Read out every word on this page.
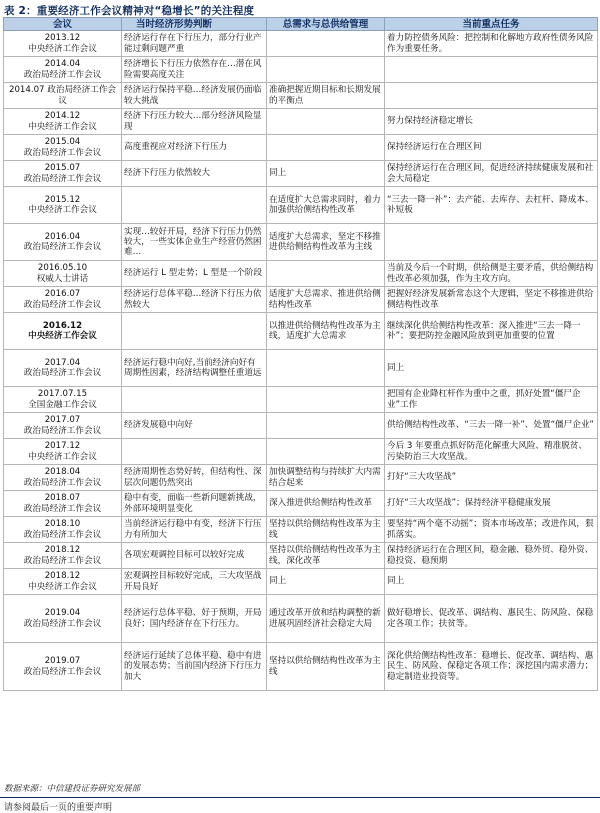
表 2：重要经济工作会议精神对“稳增长”的关注程度
会议	当时经济形势判断	总需求与总供给管理	当前重点任务
2013.12
中央经济工作会议	经济运行存在下行压力，部分行业产能过剩问题严重		着力防控债务风险：把控制和化解地方政府性债务风险作为重要任务。
2014.04
政治局经济工作会议	经济增长下行压力依然存在…潜在风险需要高度关注		
2014.07 政治局经济工作会议	经济运行保持平稳…经济发展仍面临较大挑战	准确把握近期目标和长期发展的平衡点	
2014.12
中央经济工作会议	经济下行压力较大…部分经济风险显现		努力保持经济稳定增长
2015.04
政治局经济工作会议	高度重视应对经济下行压力		保持经济运行在合理区间
2015.07
政治局经济工作会议	经济下行压力依然较大	同上	保持经济运行在合理区间，促进经济持续健康发展和社会大局稳定
2015.12
中央经济工作会议		在适度扩大总需求同时，着力加强供给侧结构性改革	“三去一降一补”：去产能、去库存、去杠杆、降成本、补短板
2016.04
政治局经济工作会议	实现…较好开局，经济下行压力仍然较大，一些实体企业生产经营仍然困难…	适度扩大总需求，坚定不移推进供给侧结构性改革为主线	
2016.05.10
权威人士讲话	经济运行 L 型走势；L 型是一个阶段		当前及今后一个时期，供给侧是主要矛盾，供给侧结构性改革必须加强，作为主攻方向。
2016.07
政治局经济工作会议	经济运行总体平稳…经济下行压力依然较大	适度扩大总需求、推进供给侧结构性改革	把握好经济发展新常态这个大逻辑，坚定不移推进供给侧结构性改革
2016.12
中央经济工作会议		以推进供给侧结构性改革为主线，适度扩大总需求	继续深化供给侧结构性改革：深入推进“三去一降一补”；要把防控金融风险放到更加重要的位置
2017.04
政治局经济工作会议	经济运行稳中向好,当前经济向好有周期性因素，经济结构调整任重道远		同上
2017.07.15
全国金融工作会议			把国有企业降杠杆作为重中之重，抓好处置“僵尸企业”工作
2017.07
政治局经济工作会议	经济发展稳中向好		供给侧结构性改革、“三去一降一补”、处置“僵尸企业”
2017.12
中央经济工作会议			今后 3 年要重点抓好防范化解重大风险、精准脱贫、污染防治三大攻坚战。
2018.04
政治局经济工作会议	经济周期性态势好转，但结构性、深层次问题仍然突出	加快调整结构与持续扩大内需结合起来	打好“三大攻坚战”
2018.07
政治局经济工作会议	稳中有变，面临一些新问题新挑战，外部环境明显变化	深入推进供给侧结构性改革	打好“三大攻坚战”；保持经济平稳健康发展
2018.10
政治局经济工作会议	当前经济运行稳中有变，经济下行压力有所加大	坚持以供给侧结构性改革为主线	要坚持“两个毫不动摇”；资本市场改革；改进作风，狠抓落实。
2018.12
政治局经济工作会议	各项宏观调控目标可以较好完成	坚持以供给侧结构性改革为主线，深化改革	保持经济运行在合理区间，稳金融、稳外贸、稳外资、稳投资、稳预期
2018.12
中央经济工作会议	宏观调控目标较好完成，三大攻坚战开局良好	同上	同上
2019.04
政治局经济工作会议	经济运行总体平稳、好于预期，开局良好；国内经济存在下行压力。	通过改革开放和结构调整的新进展巩固经济社会稳定大局	做好稳增长、促改革、调结构、惠民生、防风险、保稳定各项工作；扶贫等。
2019.07
政治局经济工作会议	经济运行延续了总体平稳、稳中有进的发展态势；当前国内经济下行压力加大	坚持以供给侧结构性改革为主线	深化供给侧结构性改革：稳增长、促改革、调结构、惠民生、防风险、保稳定各项工作；深挖国内需求潜力；稳定制造业投资等。
数据来源：中信建投证券研究发展部
请参阅最后一页的重要声明
